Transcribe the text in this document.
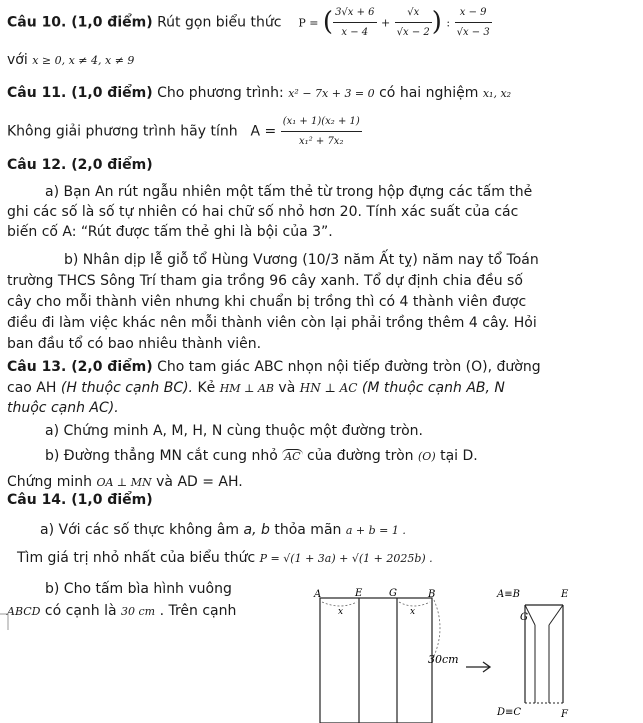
Câu 10. (1,0 điểm) Rút gọn biểu thức P = ( $\frac{3√x + 6}{x - 4} + \frac{√x}{√x - 2}$ ) : $\frac{x - 9}{√x - 3}$
với x ≥ 0, x ≠ 4, x ≠ 9
Câu 11. (1,0 điểm) Cho phương trình: x² − 7x + 3 = 0 có hai nghiệm x₁, x₂
Không giải phương trình hãy tính $A = \frac{\text{(x₁ + 1)(x₂ + 1)}}{\text{x₁² + 7x₂}}$
Câu 12. (2,0 điểm)
a) Bạn An rút ngẫu nhiên một tấm thẻ từ trong hộp đựng các tấm thẻ
ghi các số là số tự nhiên có hai chữ số nhỏ hơn 20. Tính xác suất của các
biến cố A: “Rút được tấm thẻ ghi là bội của 3”.
b) Nhân dịp lễ giỗ tổ Hùng Vương (10/3 năm Ất tỵ) năm nay tổ Toán
trường THCS Sông Trí tham gia trồng 96 cây xanh. Tổ dự định chia đều số
cây cho mỗi thành viên nhưng khi chuẩn bị trồng thì có 4 thành viên được
điều đi làm việc khác nên mỗi thành viên còn lại phải trồng thêm 4 cây. Hỏi
ban đầu tổ có bao nhiêu thành viên.
Câu 13. (2,0 điểm) Cho tam giác ABC nhọn nội tiếp đường tròn (O), đường
cao AH (H thuộc cạnh BC). Kẻ HM ⊥ AB và HN ⊥ AC (M thuộc cạnh AB, N
thuộc cạnh AC).
a) Chứng minh A, M, H, N cùng thuộc một đường tròn.
b) Đường thẳng MN cắt cung nhỏ AC của đường tròn (O) tại D.
Chứng minh OA ⊥ MN và AD = AH.
Câu 14. (1,0 điểm)
a) Với các số thực không âm a, b thỏa mãn a + b = 1 .
Tìm giá trị nhỏ nhất của biểu thức P = √(1 + 3a) + √(1 + 2025b) .
b) Cho tấm bìa hình vuông
ABCD có cạnh là 30 cm . Trên cạnh
A	E	G	B
x	x
30cm
A≡B	E
G
D≡C	F
